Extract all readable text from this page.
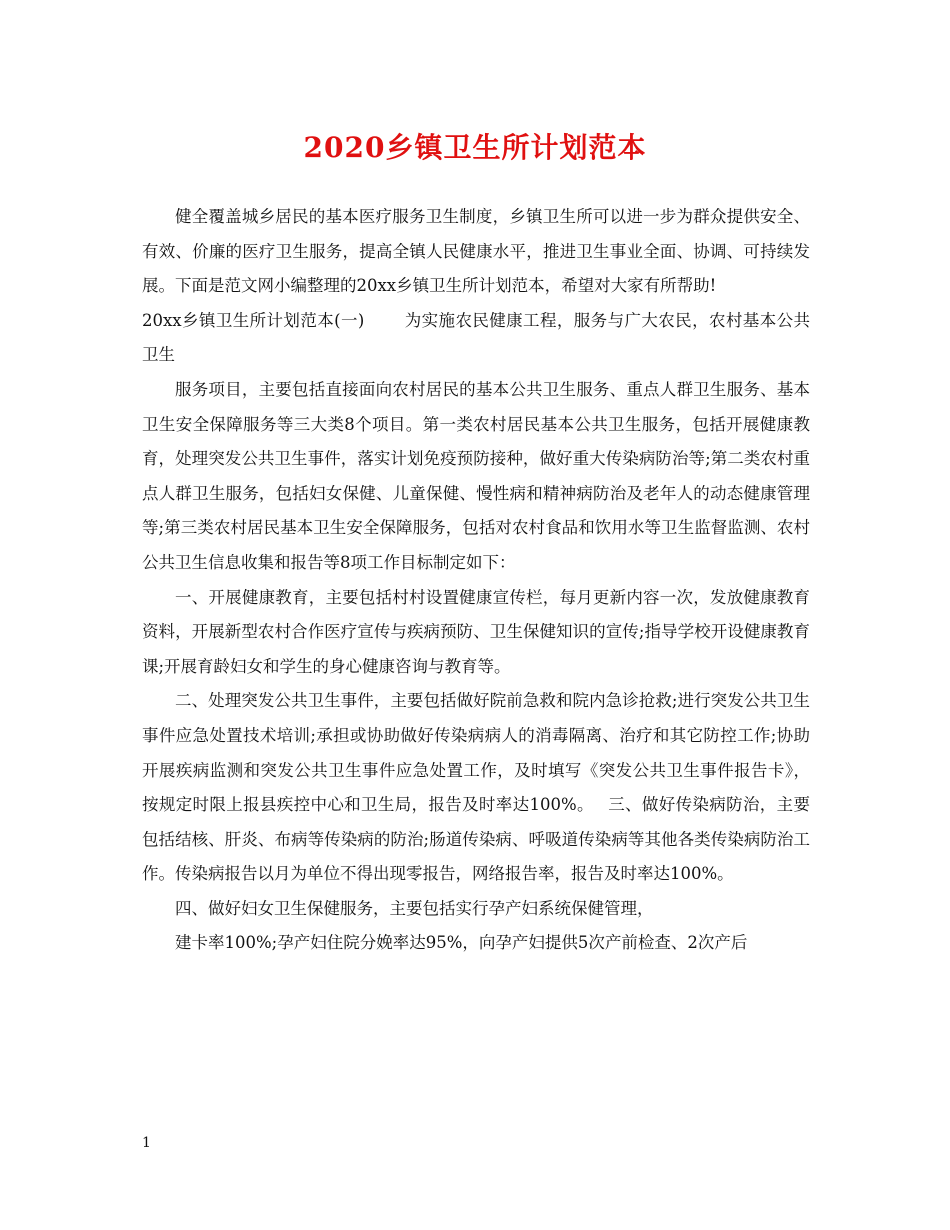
2020乡镇卫生所计划范本

健全覆盖城乡居民的基本医疗服务卫生制度，乡镇卫生所可以进一步为群众提供安全、有效、价廉的医疗卫生服务，提高全镇人民健康水平，推进卫生事业全面、协调、可持续发展。下面是范文网小编整理的20xx乡镇卫生所计划范本，希望对大家有所帮助!

20xx乡镇卫生所计划范本(一) 为实施农民健康工程，服务与广大农民，农村基本公共卫生

服务项目，主要包括直接面向农村居民的基本公共卫生服务、重点人群卫生服务、基本卫生安全保障服务等三大类8个项目。第一类农村居民基本公共卫生服务，包括开展健康教育，处理突发公共卫生事件，落实计划免疫预防接种，做好重大传染病防治等;第二类农村重点人群卫生服务，包括妇女保健、儿童保健、慢性病和精神病防治及老年人的动态健康管理等;第三类农村居民基本卫生安全保障服务，包括对农村食品和饮用水等卫生监督监测、农村公共卫生信息收集和报告等8项工作目标制定如下：

一、开展健康教育，主要包括村村设置健康宣传栏，每月更新内容一次，发放健康教育资料，开展新型农村合作医疗宣传与疾病预防、卫生保健知识的宣传;指导学校开设健康教育课;开展育龄妇女和学生的身心健康咨询与教育等。

二、处理突发公共卫生事件，主要包括做好院前急救和院内急诊抢救;进行突发公共卫生事件应急处置技术培训;承担或协助做好传染病病人的消毒隔离、治疗和其它防控工作;协助开展疾病监测和突发公共卫生事件应急处置工作，及时填写《突发公共卫生事件报告卡》，按规定时限上报县疾控中心和卫生局，报告及时率达100%。 三、做好传染病防治，主要包括结核、肝炎、布病等传染病的防治;肠道传染病、呼吸道传染病等其他各类传染病防治工作。传染病报告以月为单位不得出现零报告，网络报告率，报告及时率达100%。

四、做好妇女卫生保健服务，主要包括实行孕产妇系统保健管理，

建卡率100%;孕产妇住院分娩率达95%，向孕产妇提供5次产前检查、2次产后

1
